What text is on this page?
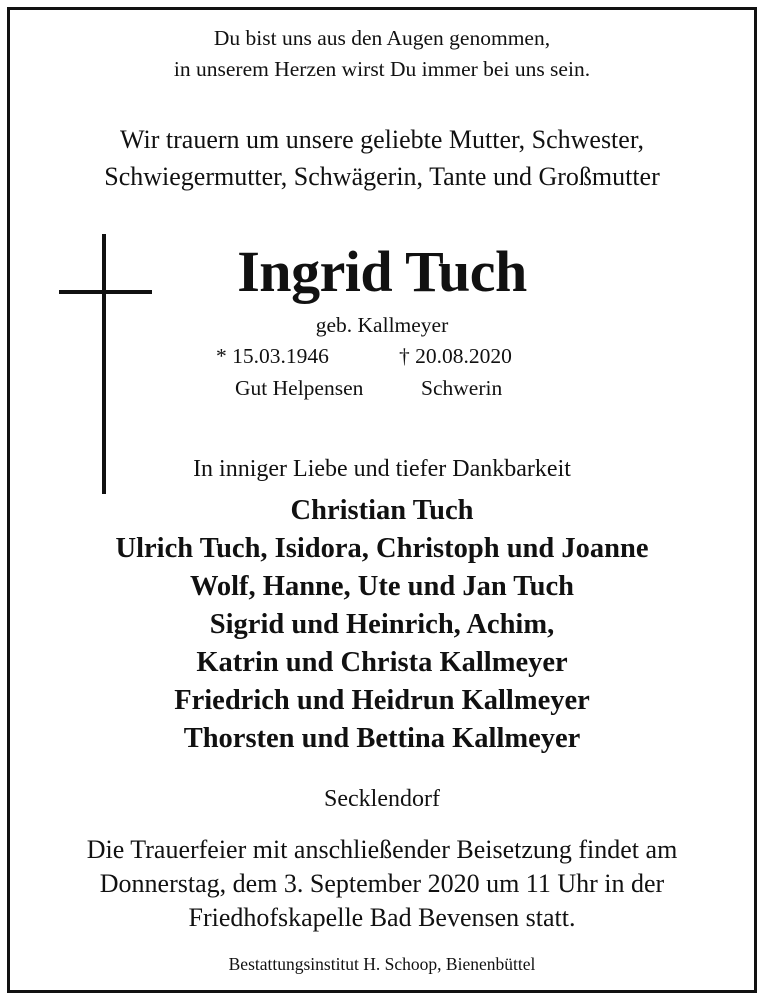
Du bist uns aus den Augen genommen,
in unserem Herzen wirst Du immer bei uns sein.
Wir trauern um unsere geliebte Mutter, Schwester,
Schwiegermutter, Schwägerin, Tante und Großmutter
Ingrid Tuch
geb. Kallmeyer
* 15.03.1946	† 20.08.2020
Gut Helpensen	Schwerin
In inniger Liebe und tiefer Dankbarkeit
Christian Tuch
Ulrich Tuch, Isidora, Christoph und Joanne
Wolf, Hanne, Ute und Jan Tuch
Sigrid und Heinrich, Achim,
Katrin und Christa Kallmeyer
Friedrich und Heidrun Kallmeyer
Thorsten und Bettina Kallmeyer
Secklendorf
Die Trauerfeier mit anschließender Beisetzung findet am
Donnerstag, dem 3. September 2020 um 11 Uhr in der
Friedhofskapelle Bad Bevensen statt.
Bestattungsinstitut H. Schoop, Bienenbüttel
